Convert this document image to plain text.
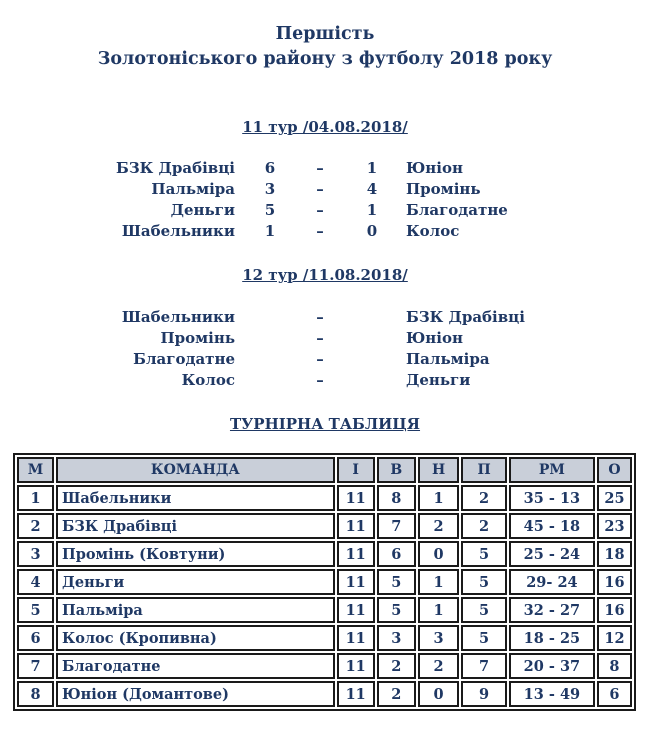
Першість
Золотоніського району з футболу 2018 року
11 тур /04.08.2018/
БЗК Драбівці 6	–	1 Юніон
Пальміра 3	–	4 Промінь
Деньги 5	–	1 Благодатне
Шабельники 1	–	0 Колос
12 тур /11.08.2018/
Шабельники	–	БЗК Драбівці
Промінь	–	Юніон
Благодатне	–	Пальміра
Колос	–	Деньги
ТУРНІРНА ТАБЛИЦЯ
М	КОМАНДА	І	В	Н	П	РМ	О
1	Шабельники	11	8	1	2	35 - 13	25
2	БЗК Драбівці	11	7	2	2	45 - 18	23
3	Промінь (Ковтуни)	11	6	0	5	25 - 24	18
4	Деньги	11	5	1	5	29- 24	16
5	Пальміра	11	5	1	5	32 - 27	16
6	Колос (Кропивна)	11	3	3	5	18 - 25	12
7	Благодатне	11	2	2	7	20 - 37	8
8	Юніон (Домантове)	11	2	0	9	13 - 49	6
